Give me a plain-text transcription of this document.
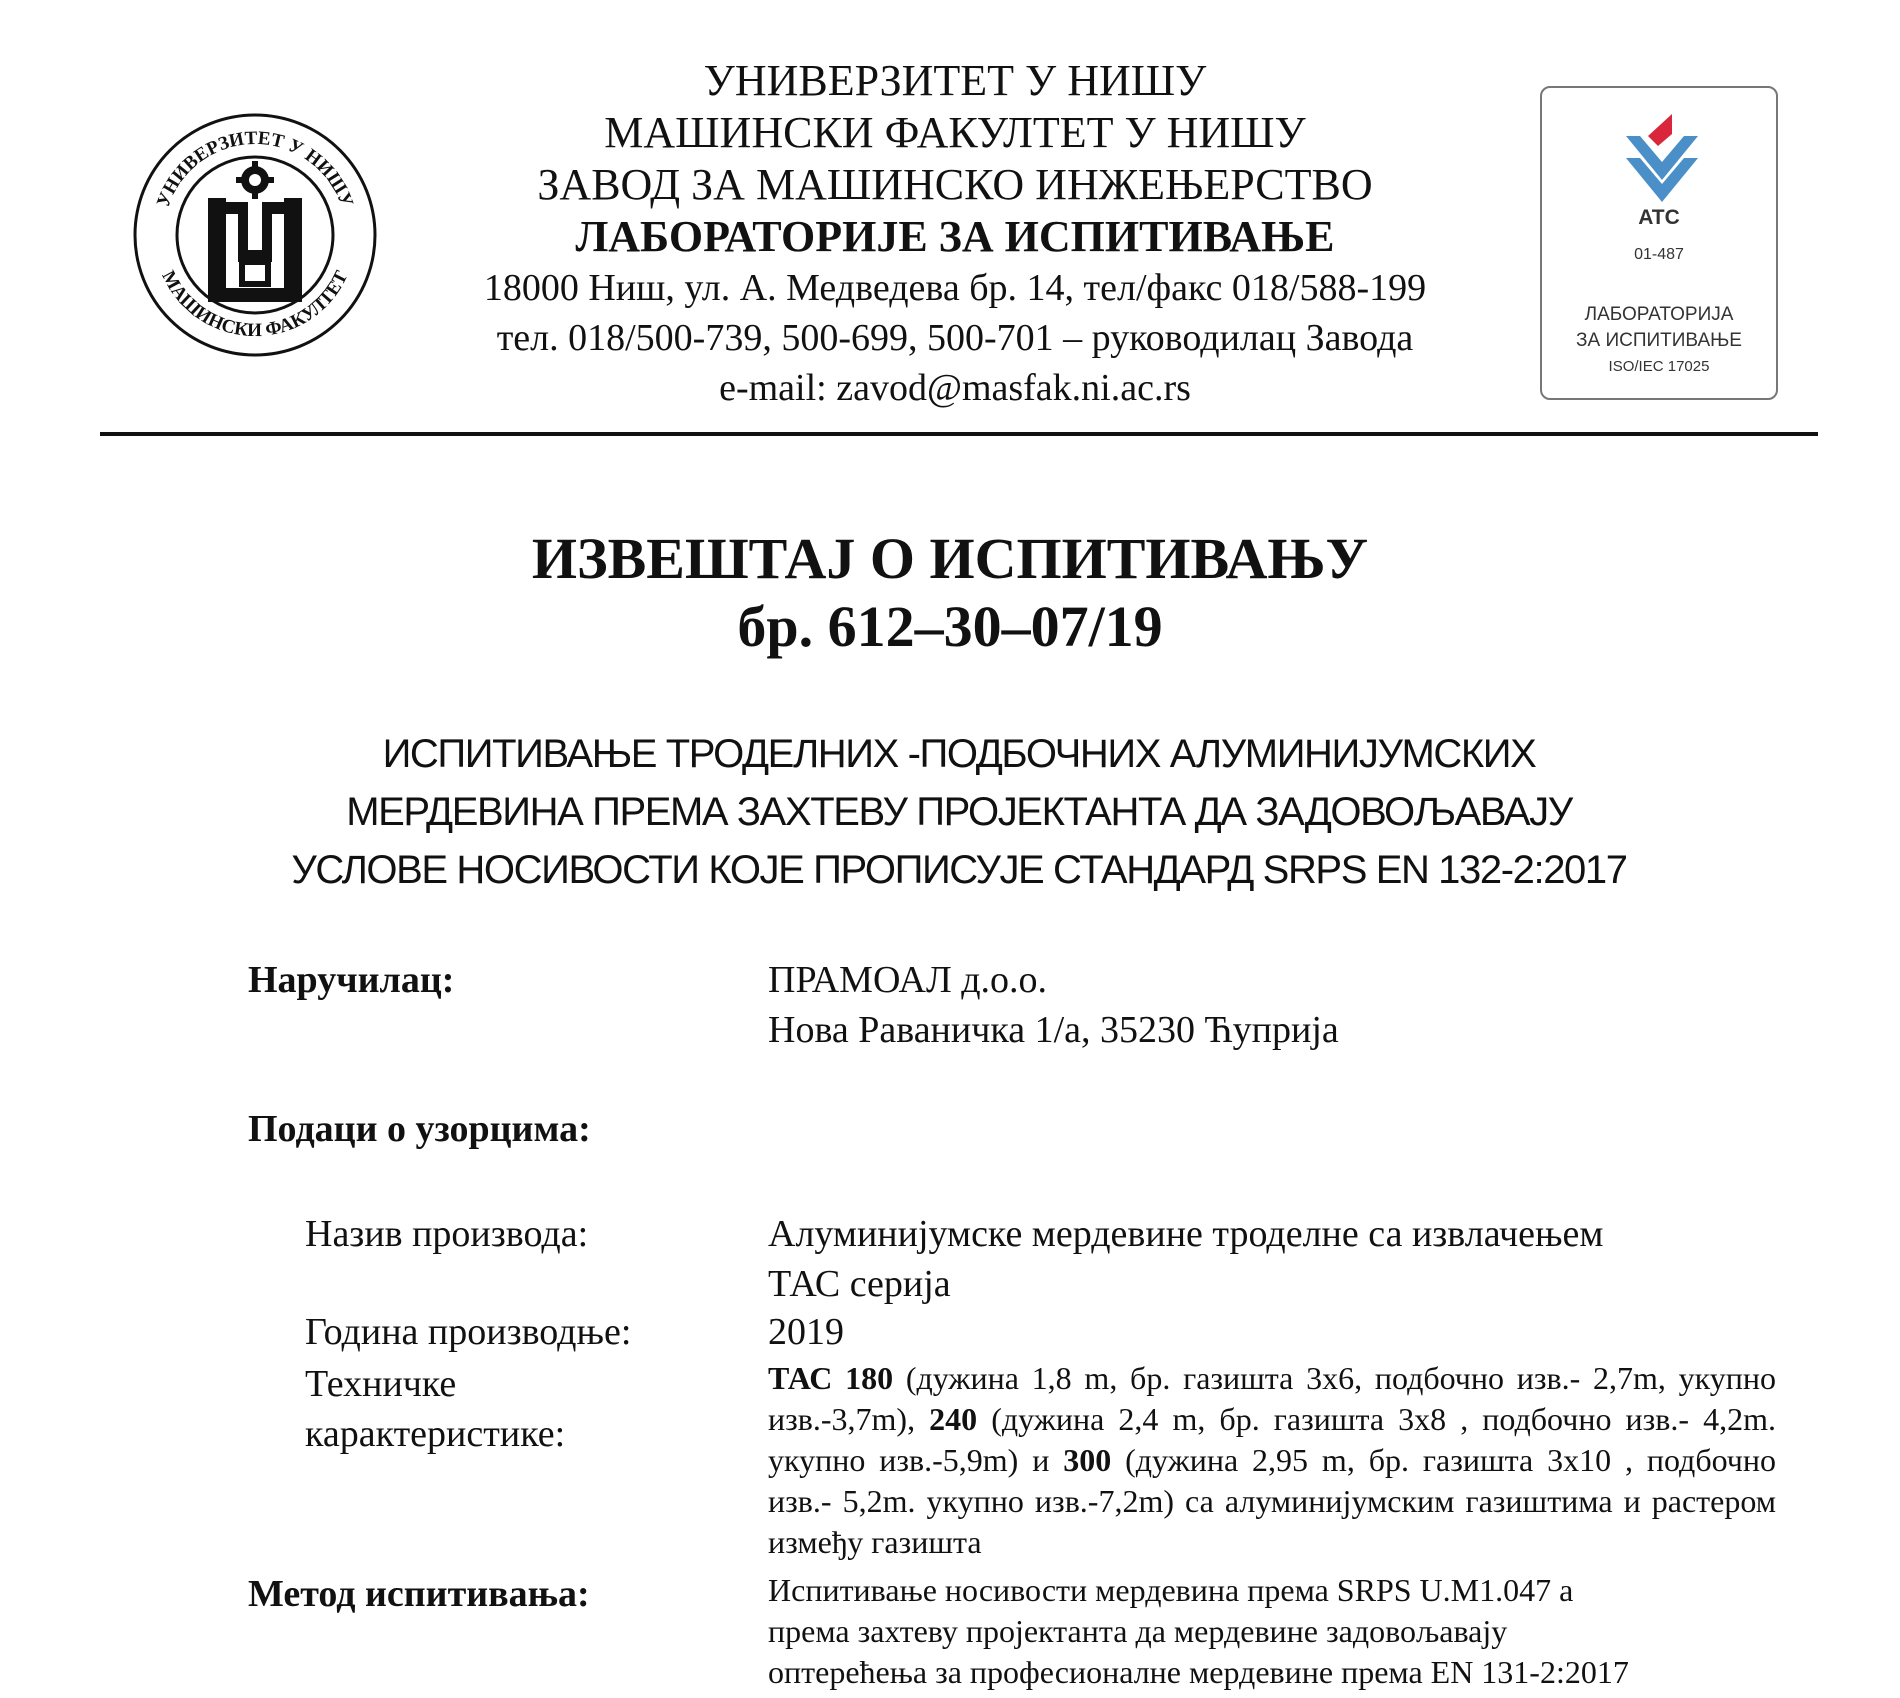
УНИВЕРЗИТЕТ У НИШУ
МАШИНСКИ ФАКУЛТЕТ
УНИВЕРЗИТЕТ У НИШУ
МАШИНСКИ ФАКУЛТЕТ У НИШУ
ЗАВОД ЗА МАШИНСКО ИНЖЕЊЕРСТВО
ЛАБОРАТОРИЈЕ ЗА ИСПИТИВАЊЕ
18000 Ниш, ул. А. Медведева бр. 14, тел/факс 018/588-199
тел. 018/500-739, 500-699, 500-701 – руководилац Завода
e-mail: zavod@masfak.ni.ac.rs
ATC
01-487
ЛАБОРАТОРИЈА
ЗА ИСПИТИВАЊЕ
ISO/IEC 17025
ИЗВЕШТАЈ О ИСПИТИВАЊУ
бр. 612–30–07/19
ИСПИТИВАЊЕ ТРОДЕЛНИХ -ПОДБОЧНИХ АЛУМИНИЈУМСКИХ
МЕРДЕВИНА ПРЕМА ЗАХТЕВУ ПРОЈЕКТАНТА ДА ЗАДОВОЉАВАЈУ
УСЛОВЕ НОСИВОСТИ КОЈЕ ПРОПИСУЈЕ СТАНДАРД SRPS EN 132-2:2017
Наручилац:	ПРАМОАЛ д.о.о.
Нова Раваничка 1/а, 35230 Ћуприја
Подаци о узорцима:
Назив производа:	Алуминијумске мердевине троделне са извлачењем
ТАС серија
Година производње:	2019
Техничке
карактеристике:
ТАС 180 (дужина 1,8 m, бр. газишта 3x6, подбочно изв.- 2,7m, укупно изв.-3,7m), 240 (дужина 2,4 m, бр. газишта 3x8 , подбочно изв.- 4,2m. укупно изв.-5,9m) и 300 (дужина 2,95 m, бр. газишта 3x10 , подбочно изв.- 5,2m. укупно изв.-7,2m) са алуминијумским газиштима и растером између газишта
Метод испитивања:	Испитивање носивости мердевина према SRPS U.M1.047 а
према захтеву пројектанта да мердевине задовољавају
оптерећења за професионалне мердевине према EN 131-2:2017
